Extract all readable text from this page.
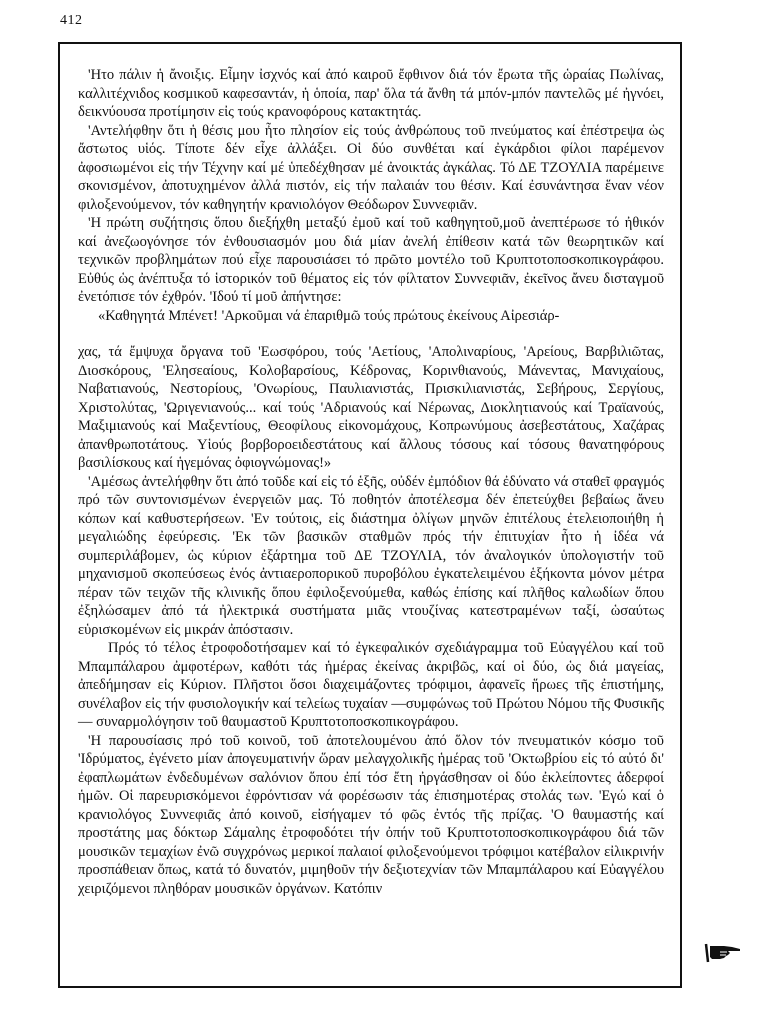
412

'Ητο πάλιν ἡ ἄνοιξις. Εἶμην ἰσχνός καί ἀπό καιροῦ ἔφθινον διά τόν ἔρωτα τῆς ὡραίας Πωλίνας, καλλιτέχνιδος κοσμικοῦ καφεσαντάν, ἡ ὁποία, παρ' ὅλα τά ἄνθη τά μπόν-μπόν παντελῶς μέ ἠγνόει, δεικνύουσα προτίμησιν εἰς τούς κρανοφόρους κατακτητάς.

'Αντελήφθην ὅτι ἡ θέσις μου ἦτο πλησίον εἰς τούς ἀνθρώπους τοῦ πνεύματος καί ἐπέστρεψα ὡς ἄστωτος υἱός. Τίποτε δέν εἶχε ἀλλάξει. Οἱ δύο συνθέται καί ἐγκάρδιοι φίλοι παρέμενον ἀφοσιωμένοι εἰς τήν Τέχνην καί μέ ὑπεδέχθησαν μέ ἀνοικτάς ἀγκάλας. Τό ΔΕ ΤΖΟΥΛΙΑ παρέμεινε σκονισμένον, ἀποτυχημένον ἀλλά πιστόν, εἰς τήν παλαιάν του θέσιν. Καί ἐσυνάντησα ἕναν νέον φιλοξενούμενον, τόν καθηγητήν κρανιολόγον Θεόδωρον Συννεφιᾶν.

'Η πρώτη συζήτησις ὅπου διεξήχθη μεταξύ ἐμοῦ καί τοῦ καθηγητοῦ,μοῦ ἀνεπτέρωσε τό ἠθικόν καί ἀνεζωογόνησε τόν ἐνθουσιασμόν μου διά μίαν ἀνελή ἐπίθεσιν κατά τῶν θεωρητικῶν καί τεχνικῶν προβλημάτων πού εἶχε παρουσιάσει τό πρῶτο μοντέλο τοῦ Κρυπτοτοποσκοπικογράφου. Εὐθύς ὡς ἀνέπτυξα τό ἱστορικόν τοῦ θέματος εἰς τόν φίλτατον Συννεφιᾶν, ἐκεῖνος ἄνευ δισταγμοῦ ἐνετόπισε τόν ἐχθρόν. 'Ιδού τί μοῦ ἀπήντησε:

«Καθηγητά Μπένετ! 'Αρκοῦμαι νά ἐπαριθμῶ τούς πρώτους ἐκείνους Αἰρεσιάρ-

χας, τά ἔμψυχα ὄργανα τοῦ 'Εωσφόρου, τούς 'Αετίους, 'Απολιναρίους, 'Αρείους, Βαρβιλιῶτας, Διοσκόρους, 'Ελησεαίους, Κολοβαρσίους, Κέδρονας, Κορινθιανούς, Μάνεντας, Μανιχαίους, Ναβατιανούς, Νεστορίους, 'Ονωρίους, Παυλιανιστάς, Πρισκιλιανιστάς, Σεβήρους, Σεργίους, Χριστολύτας, 'Ωριγενιανούς... καί τούς 'Αδριανούς καί Νέρωνας, Διοκλητιανούς καί Τραϊανούς, Μαξιμιανούς καί Μαξεντίους, Θεοφίλους εἰκονομάχους, Κοπρωνύμους ἀσεβεστάτους, Χαζάρας ἀπανθρωποτάτους. Υἱούς βορβοροειδεστάτους καί ἄλλους τόσους καί τόσους θανατηφόρους βασιλίσκους καί ἡγεμόνας ὀφιογνώμονας!»

'Αμέσως ἀντελήφθην ὅτι ἀπό τοῦδε καί εἰς τό ἑξῆς, οὐδέν ἐμπόδιον θά ἐδύνατο νά σταθεῖ φραγμός πρό τῶν συντονισμένων ἐνεργειῶν μας. Τό ποθητόν ἀποτέλεσμα δέν ἐπετεύχθει βεβαίως ἄνευ κόπων καί καθυστερήσεων. 'Εν τούτοις, εἰς διάστημα ὀλίγων μηνῶν ἐπιτέλους ἐτελειοποιήθη ἡ μεγαλιώδης ἐφεύρεσις. 'Εκ τῶν βασικῶν σταθμῶν πρός τήν ἐπιτυχίαν ἦτο ἡ ἰδέα νά συμπεριλάβομεν, ὡς κύριον ἐξάρτημα τοῦ ΔΕ ΤΖΟΥΛΙΑ, τόν ἀναλογικόν ὑπολογιστήν τοῦ μηχανισμοῦ σκοπεύσεως ἑνός ἀντιαεροπορικοῦ πυροβόλου ἐγκατελειμένου ἑξήκοντα μόνον μέτρα πέραν τῶν τειχῶν τῆς κλινικῆς ὅπου ἐφιλοξενούμεθα, καθώς ἐπίσης καί πλῆθος καλωδίων ὅπου ἐξηλώσαμεν ἀπό τά ἠλεκτρικά συστήματα μιᾶς ντουζίνας κατεστραμένων ταξί, ὡσαύτως εὑρισκομένων εἰς μικράν ἀπόστασιν.

Πρός τό τέλος ἐτροφοδοτήσαμεν καί τό ἐγκεφαλικόν σχεδιάγραμμα τοῦ Εὐαγγέλου καί τοῦ Μπαμπάλαρου ἀμφοτέρων, καθότι τάς ἡμέρας ἐκείνας ἀκριβῶς, καί οἱ δύο, ὡς διά μαγείας, ἀπεδήμησαν εἰς Κύριον. Πλῆστοι ὅσοι διαχειμάζοντες τρόφιμοι, ἀφανεῖς ἥρωες τῆς ἐπιστήμης, συνέλαβον εἰς τήν φυσιολογικήν καί τελείως τυχαίαν —συμφώνως τοῦ Πρώτου Νόμου τῆς Φυσικῆς— συναρμολόγησιν τοῦ θαυμαστοῦ Κρυπτοτοποσκοπικογράφου.

'Η παρουσίασις πρό τοῦ κοινοῦ, τοῦ ἀποτελουμένου ἀπό ὅλον τόν πνευματικόν κόσμο τοῦ 'Ιδρύματος, ἐγένετο μίαν ἀπογευματινήν ὥραν μελαγχολικῆς ἡμέρας τοῦ 'Οκτωβρίου εἰς τό αὐτό δι' ἐφαπλωμάτων ἐνδεδυμένων σαλόνιον ὅπου ἐπί τόσ ἔτη ἠργάσθησαν οἱ δύο ἐκλείποντες ἀδερφοί ἡμῶν. Οἱ παρευρισκόμενοι ἐφρόντισαν νά φορέσωσιν τάς ἐπισημοτέρας στολάς των. 'Εγώ καί ὁ κρανιολόγος Συννεφιᾶς ἀπό κοινοῦ, εἰσήγαμεν τό φῶς ἐντός τῆς πρίζας. 'Ο θαυμαστής καί προστάτης μας δόκτωρ Σάμαλης ἐτροφοδότει τήν ὀπήν τοῦ Κρυπτοτοποσκοπικογράφου διά τῶν μουσικῶν τεμαχίων ἐνῶ συγχρόνως μερικοί παλαιοί φιλοξενούμενοι τρόφιμοι κατέβαλον εἰλικρινήν προσπάθειαν ὅπως, κατά τό δυνατόν, μιμηθοῦν τήν δεξιοτεχνίαν τῶν Μπαμπάλαρου καί Εὐαγγέλου χειριζόμενοι πληθόραν μουσικῶν ὀργάνων. Κατόπιν
